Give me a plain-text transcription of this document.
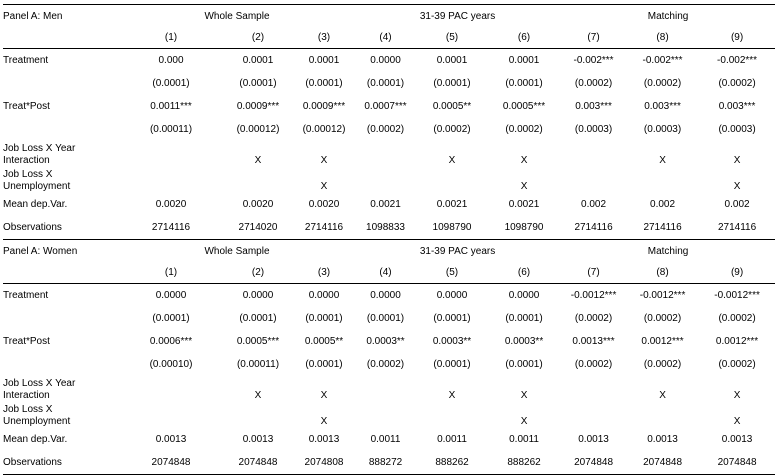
Panel A: Men	Whole Sample			31-39 PAC years			Matching		
	(1)	(2)	(3)	(4)	(5)	(6)	(7)	(8)	(9)
Treatment	0.000	0.0001	0.0001	0.0000	0.0001	0.0001	-0.002***	-0.002***	-0.002***
	(0.0001)	(0.0001)	(0.0001)	(0.0001)	(0.0001)	(0.0001)	(0.0002)	(0.0002)	(0.0002)
Treat*Post	0.0011***	0.0009***	0.0009***	0.0007***	0.0005**	0.0005***	0.003***	0.003***	0.003***
	(0.00011)	(0.00012)	(0.00012)	(0.0002)	(0.0002)	(0.0002)	(0.0003)	(0.0003)	(0.0003)
Job Loss X Year									
Interaction		X	X		X	X		X	X
Job Loss X									
Unemployment			X			X			X
Mean dep.Var.	0.0020	0.0020	0.0020	0.0021	0.0021	0.0021	0.002	0.002	0.002
Observations	2714116	2714020	2714116	1098833	1098790	1098790	2714116	2714116	2714116
Panel A: Women	Whole Sample			31-39 PAC years			Matching		
	(1)	(2)	(3)	(4)	(5)	(6)	(7)	(8)	(9)
Treatment	0.0000	0.0000	0.0000	0.0000	0.0000	0.0000	-0.0012***	-0.0012***	-0.0012***
	(0.0001)	(0.0001)	(0.0001)	(0.0001)	(0.0001)	(0.0001)	(0.0002)	(0.0002)	(0.0002)
Treat*Post	0.0006***	0.0005***	0.0005**	0.0003**	0.0003**	0.0003**	0.0013***	0.0012***	0.0012***
	(0.00010)	(0.00011)	(0.0001)	(0.0002)	(0.0001)	(0.0001)	(0.0002)	(0.0002)	(0.0002)
Job Loss X Year									
Interaction		X	X		X	X		X	X
Job Loss X									
Unemployment			X			X			X
Mean dep.Var.	0.0013	0.0013	0.0013	0.0011	0.0011	0.0011	0.0013	0.0013	0.0013
Observations	2074848	2074848	2074808	888272	888262	888262	2074848	2074848	2074848
